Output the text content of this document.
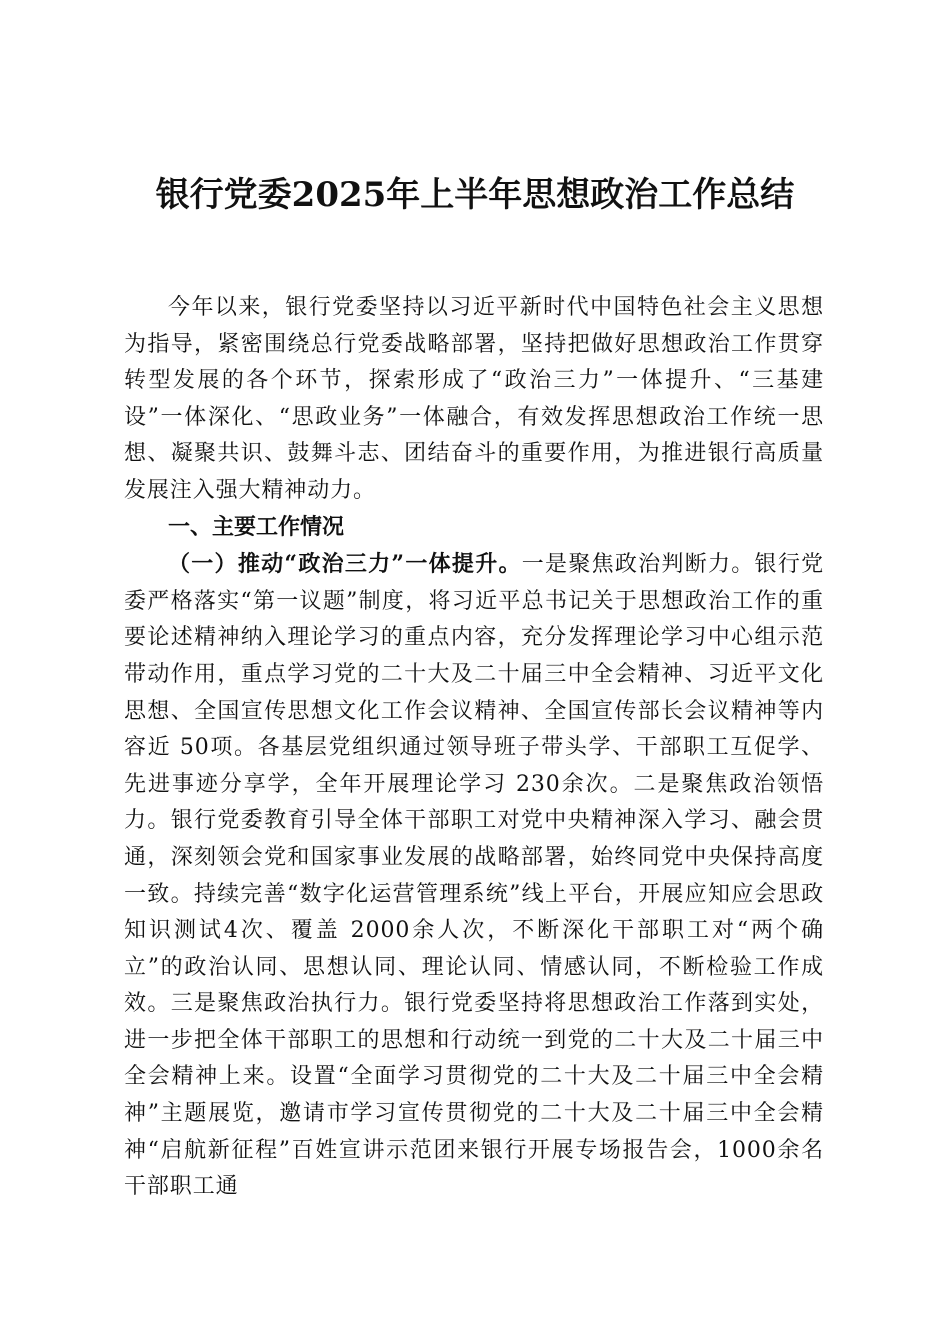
银行党委2025年上半年思想政治工作总结

今年以来，银行党委坚持以习近平新时代中国特色社会主义思想为指导，紧密围绕总行党委战略部署，坚持把做好思想政治工作贯穿转型发展的各个环节，探索形成了“政治三力”一体提升、“三基建设”一体深化、“思政业务”一体融合，有效发挥思想政治工作统一思想、凝聚共识、鼓舞斗志、团结奋斗的重要作用，为推进银行高质量发展注入强大精神动力。

一、主要工作情况

（一）推动“政治三力”一体提升。一是聚焦政治判断力。银行党委严格落实“第一议题”制度，将习近平总书记关于思想政治工作的重要论述精神纳入理论学习的重点内容，充分发挥理论学习中心组示范带动作用，重点学习党的二十大及二十届三中全会精神、习近平文化思想、全国宣传思想文化工作会议精神、全国宣传部长会议精神等内容近 50项。各基层党组织通过领导班子带头学、干部职工互促学、先进事迹分享学，全年开展理论学习 230余次。二是聚焦政治领悟力。银行党委教育引导全体干部职工对党中央精神深入学习、融会贯通，深刻领会党和国家事业发展的战略部署，始终同党中央保持高度一致。持续完善“数字化运营管理系统”线上平台，开展应知应会思政知识测试4次、覆盖 2000余人次，不断深化干部职工对“两个确立”的政治认同、思想认同、理论认同、情感认同，不断检验工作成效。三是聚焦政治执行力。银行党委坚持将思想政治工作落到实处，进一步把全体干部职工的思想和行动统一到党的二十大及二十届三中全会精神上来。设置“全面学习贯彻党的二十大及二十届三中全会精神”主题展览，邀请市学习宣传贯彻党的二十大及二十届三中全会精神“启航新征程”百姓宣讲示范团来银行开展专场报告会，1000余名干部职工通
